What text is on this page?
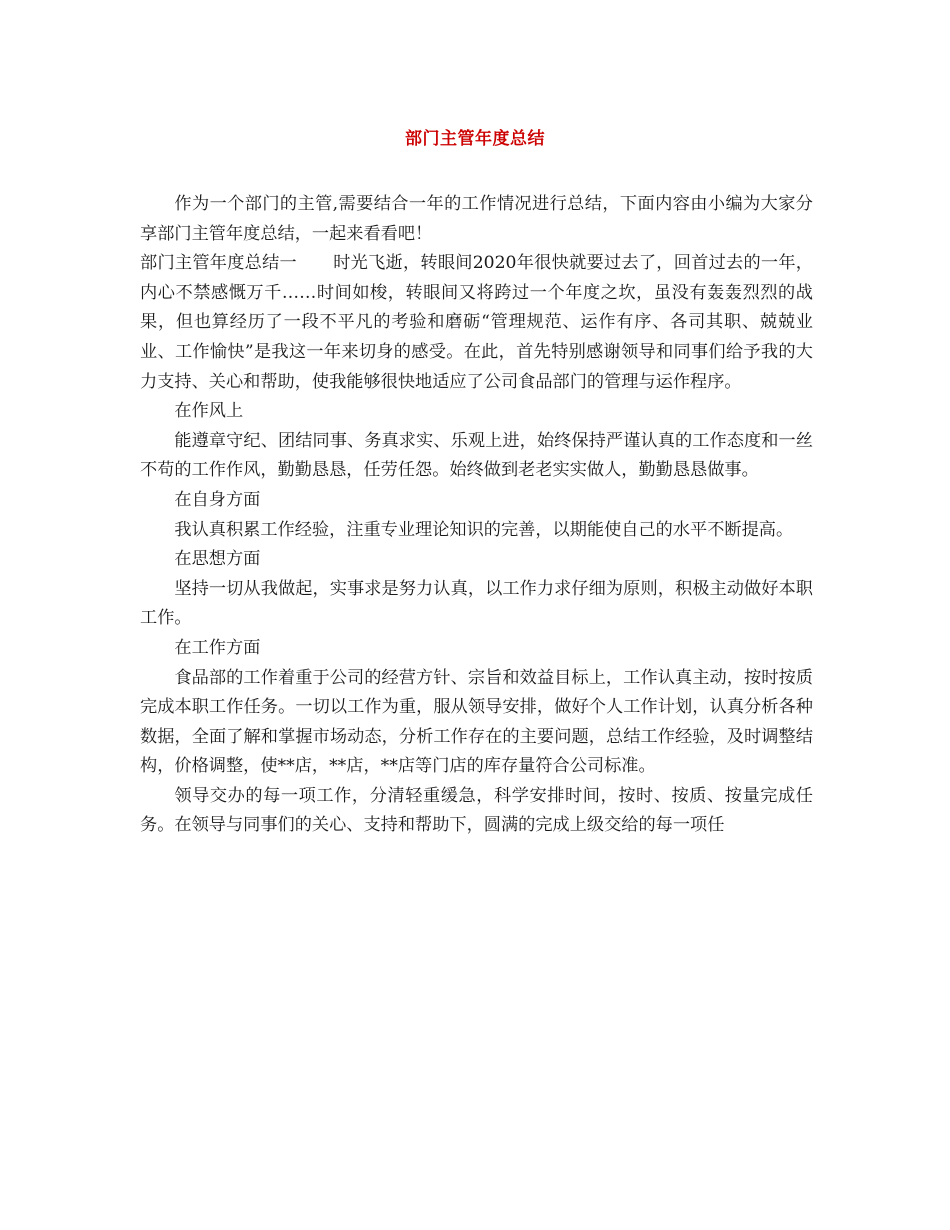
部门主管年度总结

作为一个部门的主管,需要结合一年的工作情况进行总结，下面内容由小编为大家分享部门主管年度总结，一起来看看吧！

部门主管年度总结一 时光飞逝，转眼间2020年很快就要过去了，回首过去的一年，内心不禁感慨万千……时间如梭，转眼间又将跨过一个年度之坎，虽没有轰轰烈烈的战果，但也算经历了一段不平凡的考验和磨砺“管理规范、运作有序、各司其职、兢兢业业、工作愉快”是我这一年来切身的感受。在此，首先特别感谢领导和同事们给予我的大力支持、关心和帮助，使我能够很快地适应了公司食品部门的管理与运作程序。

在作风上

能遵章守纪、团结同事、务真求实、乐观上进，始终保持严谨认真的工作态度和一丝不苟的工作作风，勤勤恳恳，任劳任怨。始终做到老老实实做人，勤勤恳恳做事。

在自身方面

我认真积累工作经验，注重专业理论知识的完善，以期能使自己的水平不断提高。

在思想方面

坚持一切从我做起，实事求是努力认真，以工作力求仔细为原则，积极主动做好本职工作。

在工作方面

食品部的工作着重于公司的经营方针、宗旨和效益目标上，工作认真主动，按时按质完成本职工作任务。一切以工作为重，服从领导安排，做好个人工作计划，认真分析各种数据，全面了解和掌握市场动态，分析工作存在的主要问题，总结工作经验，及时调整结构，价格调整，使**店，**店，**店等门店的库存量符合公司标准。

领导交办的每一项工作，分清轻重缓急，科学安排时间，按时、按质、按量完成任务。在领导与同事们的关心、支持和帮助下，圆满的完成上级交给的每一项任
